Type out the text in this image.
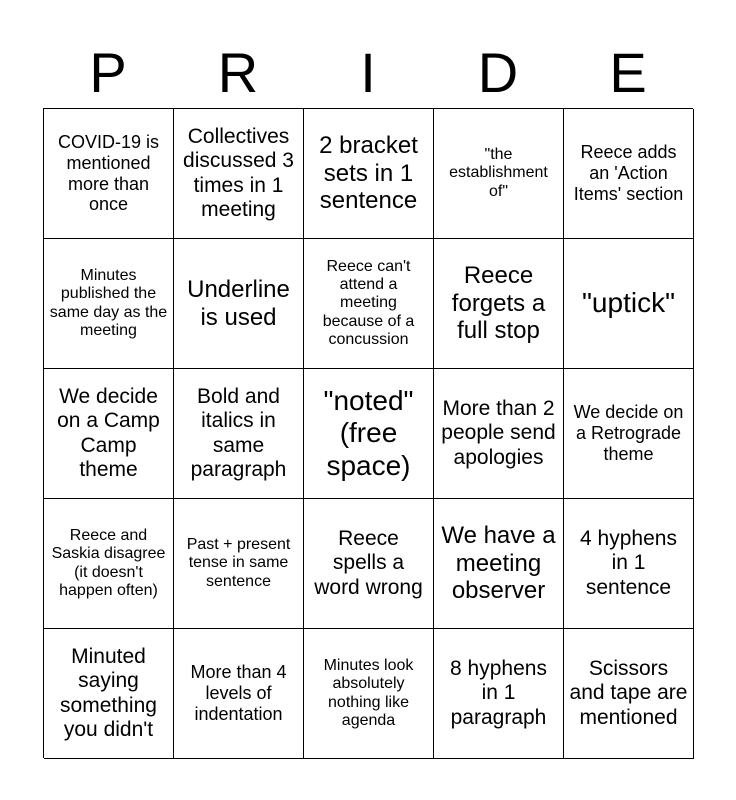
P	R	I	D	E
COVID-19 is mentioned more than once
Collectives discussed 3 times in 1 meeting
2 bracket sets in 1 sentence
"the establishment of"
Reece adds an 'Action Items' section
Minutes published the same day as the meeting
Underline is used
Reece can't attend a meeting because of a concussion
Reece forgets a full stop
"uptick"
We decide on a Camp Camp theme
Bold and italics in same paragraph
"noted" (free space)
More than 2 people send apologies
We decide on a Retrograde theme
Reece and Saskia disagree (it doesn't happen often)
Past + present tense in same sentence
Reece spells a word wrong
We have a meeting observer
4 hyphens in 1 sentence
Minuted saying something you didn't
More than 4 levels of indentation
Minutes look absolutely nothing like agenda
8 hyphens in 1 paragraph
Scissors and tape are mentioned
